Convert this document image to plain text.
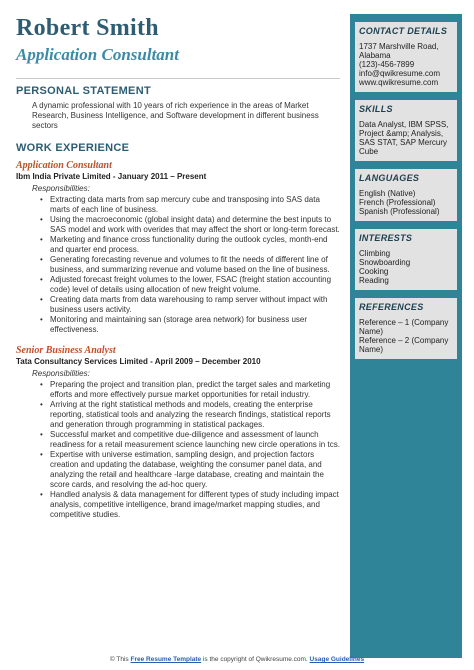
Robert Smith
Application Consultant
PERSONAL STATEMENT
A dynamic professional with 10 years of rich experience in the areas of Market Research, Business Intelligence, and Software development in different business sectors
WORK EXPERIENCE
Application Consultant
Ibm India Private Limited - January 2011 – Present
Responsibilities:
• Extracting data marts from sap mercury cube and transposing into SAS data marts of each line of business.
• Using the macroeconomic (global insight data) and determine the best inputs to SAS model and work with overides that may affect the short or long-term forecast.
• Marketing and finance cross functionality during the outlook cycles, month-end and quarter end process.
• Generating forecasting revenue and volumes to fit the needs of different line of business, and summarizing revenue and volume based on the line of business.
• Adjusted forecast freight volumes to the lower, FSAC (freight station accounting code) level of details using allocation of new freight volume.
• Creating data marts from data warehousing to ramp server without impact with business users activity.
• Monitoring and maintaining san (storage area network) for business user effectiveness.
Senior Business Analyst
Tata Consultancy Services Limited - April 2009 – December 2010
Responsibilities:
• Preparing the project and transition plan, predict the target sales and marketing efforts and more effectively pursue market opportunities for retail industry.
• Arriving at the right statistical methods and models, creating the enterprise reporting, statistical tools and analyzing the research findings, statistical reports and generation through programming in statistical packages.
• Successful market and competitive due-diligence and assessment of launch readiness for a retail measurement science launching new circle operations in tcs.
• Expertise with universe estimation, sampling design, and projection factors creation and updating the database, weighting the consumer panel data, and analyzing the retail and healthcare -large database, creating and maintain the score cards, and resolving the ad-hoc query.
• Handled analysis & data management for different types of study including impact analysis, competitive intelligence, brand image/market mapping studies, and competitive studies.
CONTACT DETAILS
1737 Marshville Road, Alabama
(123)-456-7899
info@qwikresume.com
www.qwikresume.com
SKILLS
Data Analyst, IBM SPSS, Project &amp; Analysis, SAS STAT, SAP Mercury Cube
LANGUAGES
English (Native)
French (Professional)
Spanish (Professional)
INTERESTS
Climbing
Snowboarding
Cooking
Reading
REFERENCES
Reference – 1 (Company Name)
Reference – 2 (Company Name)
© This Free Resume Template is the copyright of Qwikresume.com. Usage Guidelines
